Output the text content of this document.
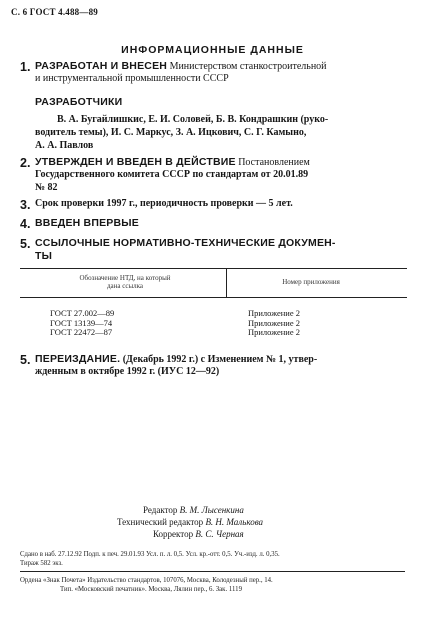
С. 6 ГОСТ 4.488—89
ИНФОРМАЦИОННЫЕ ДАННЫЕ
1. РАЗРАБОТАН И ВНЕСЕН Министерством станкостроительной
и инструментальной промышленности СССР
РАЗРАБОТЧИКИ
В. А. Бугайлишкис, Е. И. Соловей, Б. В. Кондрашкин (руко-
водитель темы), И. С. Маркус, З. А. Ицкович, С. Г. Камыно,
А. А. Павлов
2. УТВЕРЖДЕН И ВВЕДЕН В ДЕЙСТВИЕ Постановлением
Государственного комитета СССР по стандартам от 20.01.89
№ 82
3. Срок проверки 1997 г., периодичность проверки — 5 лет.
4. ВВЕДЕН ВПЕРВЫЕ
5. ССЫЛОЧНЫЕ НОРМАТИВНО-ТЕХНИЧЕСКИЕ ДОКУМЕН-
ТЫ
Обозначение НТД, на который
дана ссылка	Номер приложения
ГОСТ 27.002—89
ГОСТ 13139—74
ГОСТ 22472—87
Приложение 2
Приложение 2
Приложение 2
5. ПЕРЕИЗДАНИЕ. (Декабрь 1992 г.) с Изменением № 1, утвер-
жденным в октябре 1992 г. (ИУС 12—92)
Редактор В. М. Лысенкина
Технический редактор В. Н. Малькова
Корректор В. С. Черная
Сдано в наб. 27.12.92 Подп. к печ. 29.01.93 Усл. п. л. 0,5. Усл. кр.-отт. 0,5. Уч.-изд. л. 0,35.
Тираж 582 экз.
Ордена «Знак Почета» Издательство стандартов, 107076, Москва, Колодезный пер., 14.
Тип. «Московский печатник». Москва, Лялин пер., 6. Зак. 1119
